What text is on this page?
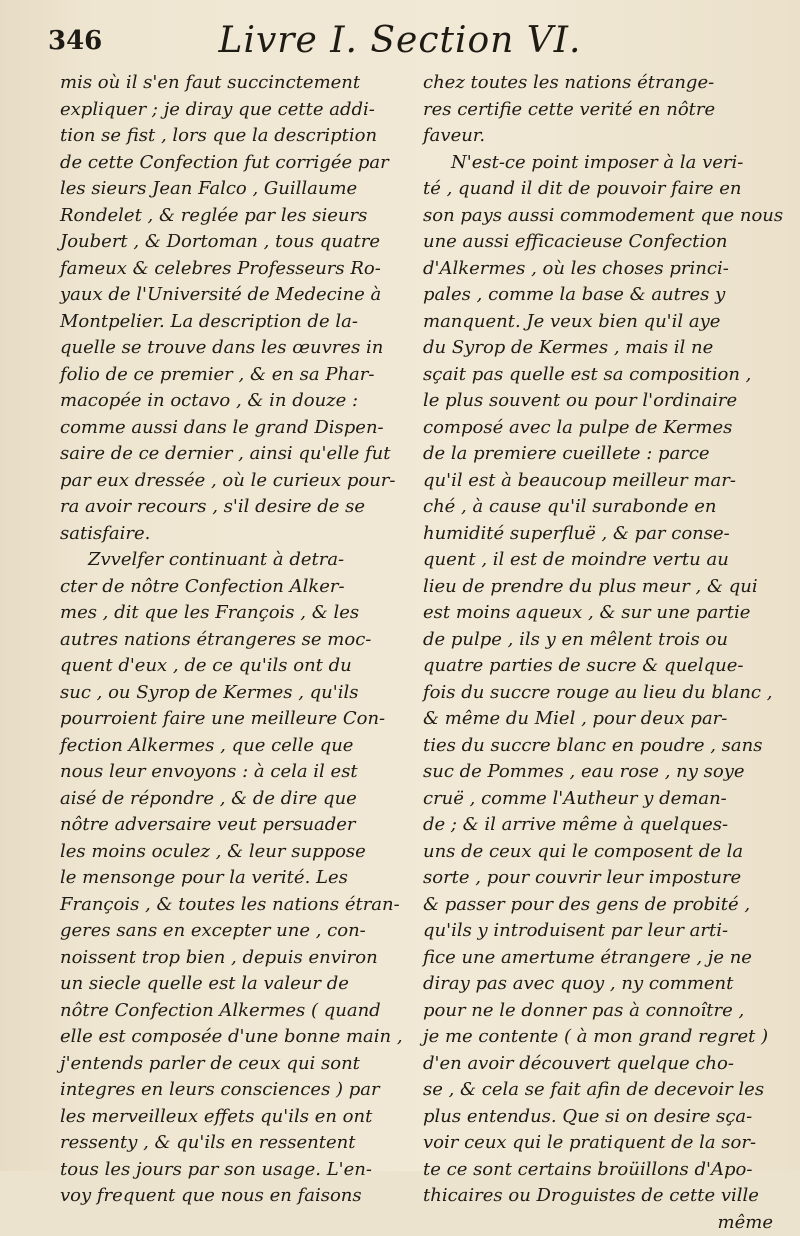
346	Livre I. Section VI.
mis où il s'en faut succinctement
expliquer ; je diray que cette addi-
tion se fist , lors que la description
de cette Confection fut corrigée par
les sieurs Jean Falco , Guillaume
Rondelet , & reglée par les sieurs
Joubert , & Dortoman , tous quatre
fameux & celebres Professeurs Ro-
yaux de l'Université de Medecine à
Montpelier. La description de la-
quelle se trouve dans les œuvres in
folio de ce premier , & en sa Phar-
macopée in octavo , & in douze :
comme aussi dans le grand Dispen-
saire de ce dernier , ainsi qu'elle fut
par eux dressée , où le curieux pour-
ra avoir recours , s'il desire de se
satisfaire.
Zvvelfer continuant à detra-
cter de nôtre Confection Alker-
mes , dit que les François , & les
autres nations étrangeres se moc-
quent d'eux , de ce qu'ils ont du
suc , ou Syrop de Kermes , qu'ils
pourroient faire une meilleure Con-
fection Alkermes , que celle que
nous leur envoyons : à cela il est
aisé de répondre , & de dire que
nôtre adversaire veut persuader
les moins oculez , & leur suppose
le mensonge pour la verité. Les
François , & toutes les nations étran-
geres sans en excepter une , con-
noissent trop bien , depuis environ
un siecle quelle est la valeur de
nôtre Confection Alkermes ( quand
elle est composée d'une bonne main ,
j'entends parler de ceux qui sont
integres en leurs consciences ) par
les merveilleux effets qu'ils en ont
ressenty , & qu'ils en ressentent
tous les jours par son usage. L'en-
voy frequent que nous en faisons
chez toutes les nations étrange-
res certifie cette verité en nôtre
faveur.
N'est-ce point imposer à la veri-
té , quand il dit de pouvoir faire en
son pays aussi commodement que nous
une aussi efficacieuse Confection
d'Alkermes , où les choses princi-
pales , comme la base & autres y
manquent. Je veux bien qu'il aye
du Syrop de Kermes , mais il ne
sçait pas quelle est sa composition ,
le plus souvent ou pour l'ordinaire
composé avec la pulpe de Kermes
de la premiere cueillete : parce
qu'il est à beaucoup meilleur mar-
ché , à cause qu'il surabonde en
humidité superfluë , & par conse-
quent , il est de moindre vertu au
lieu de prendre du plus meur , & qui
est moins aqueux , & sur une partie
de pulpe , ils y en mêlent trois ou
quatre parties de sucre & quelque-
fois du succre rouge au lieu du blanc ,
& même du Miel , pour deux par-
ties du succre blanc en poudre , sans
suc de Pommes , eau rose , ny soye
cruë , comme l'Autheur y deman-
de ; & il arrive même à quelques-
uns de ceux qui le composent de la
sorte , pour couvrir leur imposture
& passer pour des gens de probité ,
qu'ils y introduisent par leur arti-
fice une amertume étrangere , je ne
diray pas avec quoy , ny comment
pour ne le donner pas à connoître ,
je me contente ( à mon grand regret )
d'en avoir découvert quelque cho-
se , & cela se fait afin de decevoir les
plus entendus. Que si on desire sça-
voir ceux qui le pratiquent de la sor-
te ce sont certains broüillons d'Apo-
thicaires ou Droguistes de cette ville
même
